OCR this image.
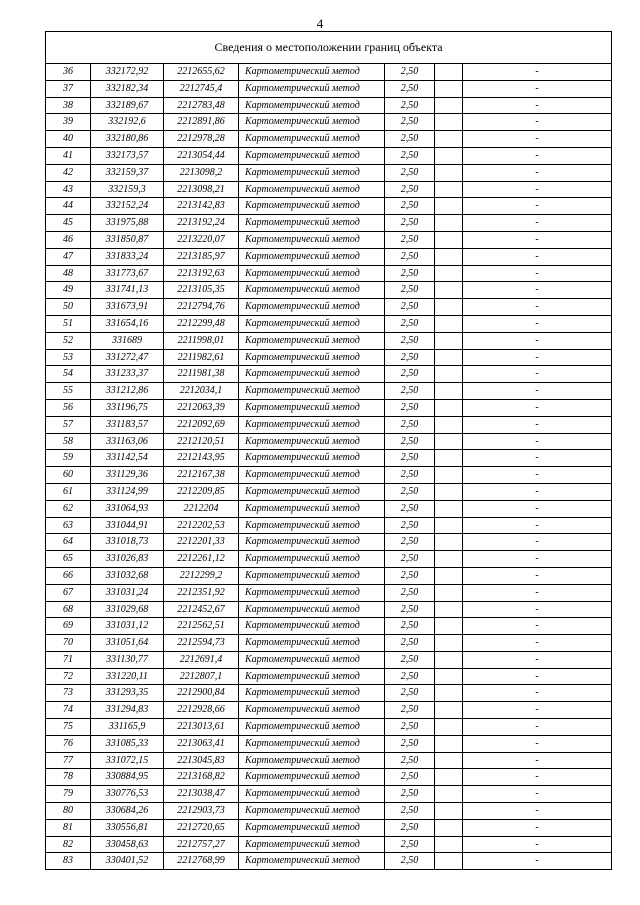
4
Сведения о местоположении границ объекта						
36	332172,92	2212655,62	Картометрический метод	2,50		-
37	332182,34	2212745,4	Картометрический метод	2,50		-
38	332189,67	2212783,48	Картометрический метод	2,50		-
39	332192,6	2212891,86	Картометрический метод	2,50		-
40	332180,86	2212978,28	Картометрический метод	2,50		-
41	332173,57	2213054,44	Картометрический метод	2,50		-
42	332159,37	2213098,2	Картометрический метод	2,50		-
43	332159,3	2213098,21	Картометрический метод	2,50		-
44	332152,24	2213142,83	Картометрический метод	2,50		-
45	331975,88	2213192,24	Картометрический метод	2,50		-
46	331850,87	2213220,07	Картометрический метод	2,50		-
47	331833,24	2213185,97	Картометрический метод	2,50		-
48	331773,67	2213192,63	Картометрический метод	2,50		-
49	331741,13	2213105,35	Картометрический метод	2,50		-
50	331673,91	2212794,76	Картометрический метод	2,50		-
51	331654,16	2212299,48	Картометрический метод	2,50		-
52	331689	2211998,01	Картометрический метод	2,50		-
53	331272,47	2211982,61	Картометрический метод	2,50		-
54	331233,37	2211981,38	Картометрический метод	2,50		-
55	331212,86	2212034,1	Картометрический метод	2,50		-
56	331196,75	2212063,39	Картометрический метод	2,50		-
57	331183,57	2212092,69	Картометрический метод	2,50		-
58	331163,06	2212120,51	Картометрический метод	2,50		-
59	331142,54	2212143,95	Картометрический метод	2,50		-
60	331129,36	2212167,38	Картометрический метод	2,50		-
61	331124,99	2212209,85	Картометрический метод	2,50		-
62	331064,93	2212204	Картометрический метод	2,50		-
63	331044,91	2212202,53	Картометрический метод	2,50		-
64	331018,73	2212201,33	Картометрический метод	2,50		-
65	331026,83	2212261,12	Картометрический метод	2,50		-
66	331032,68	2212299,2	Картометрический метод	2,50		-
67	331031,24	2212351,92	Картометрический метод	2,50		-
68	331029,68	2212452,67	Картометрический метод	2,50		-
69	331031,12	2212562,51	Картометрический метод	2,50		-
70	331051,64	2212594,73	Картометрический метод	2,50		-
71	331130,77	2212691,4	Картометрический метод	2,50		-
72	331220,11	2212807,1	Картометрический метод	2,50		-
73	331293,35	2212900,84	Картометрический метод	2,50		-
74	331294,83	2212928,66	Картометрический метод	2,50		-
75	331165,9	2213013,61	Картометрический метод	2,50		-
76	331085,33	2213063,41	Картометрический метод	2,50		-
77	331072,15	2213045,83	Картометрический метод	2,50		-
78	330884,95	2213168,82	Картометрический метод	2,50		-
79	330776,53	2213038,47	Картометрический метод	2,50		-
80	330684,26	2212903,73	Картометрический метод	2,50		-
81	330556,81	2212720,65	Картометрический метод	2,50		-
82	330458,63	2212757,27	Картометрический метод	2,50		-
83	330401,52	2212768,99	Картометрический метод	2,50		-
